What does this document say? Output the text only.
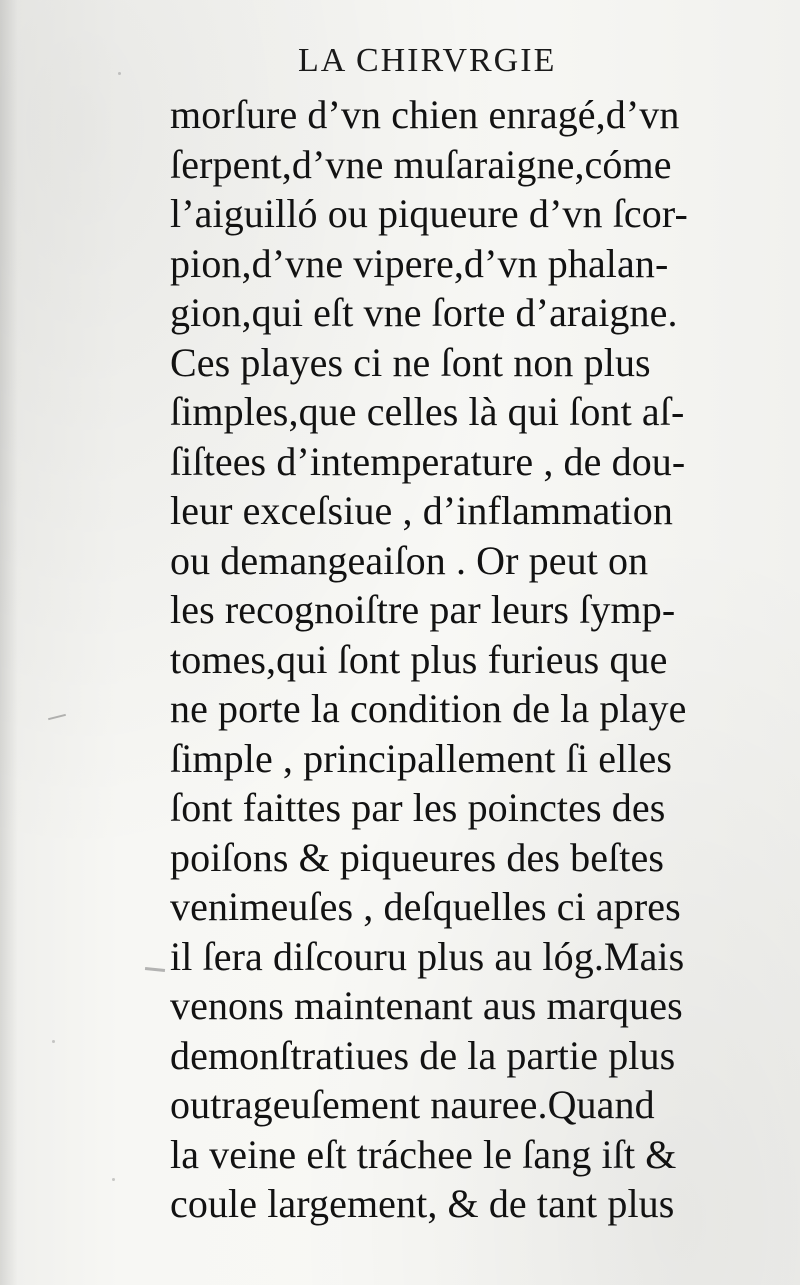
LA CHIRVRGIE
morſure d’vn chien enragé,d’vn
ſerpent,d’vne muſaraigne,cóme
l’aiguilló ou piqueure d’vn ſcor-
pion,d’vne vipere,d’vn phalan-
gion,qui eſt vne ſorte d’araigne.
Ces playes ci ne ſont non plus
ſimples,que celles là qui ſont aſ-
ſiſtees d’intemperature , de dou-
leur exceſsiue , d’inflammation
ou demangeaiſon . Or peut on
les recognoiſtre par leurs ſymp-
tomes,qui ſont plus furieus que
ne porte la condition de la playe
ſimple , principallement ſi elles
ſont faittes par les poinctes des
poiſons & piqueures des beſtes
venimeuſes , deſquelles ci apres
il ſera diſcouru plus au lóg.Mais
venons maintenant aus marques
demonſtratiues de la partie plus
outrageuſement nauree.Quand
la veine eſt tráchee le ſang iſt &
coule largement, & de tant plus
